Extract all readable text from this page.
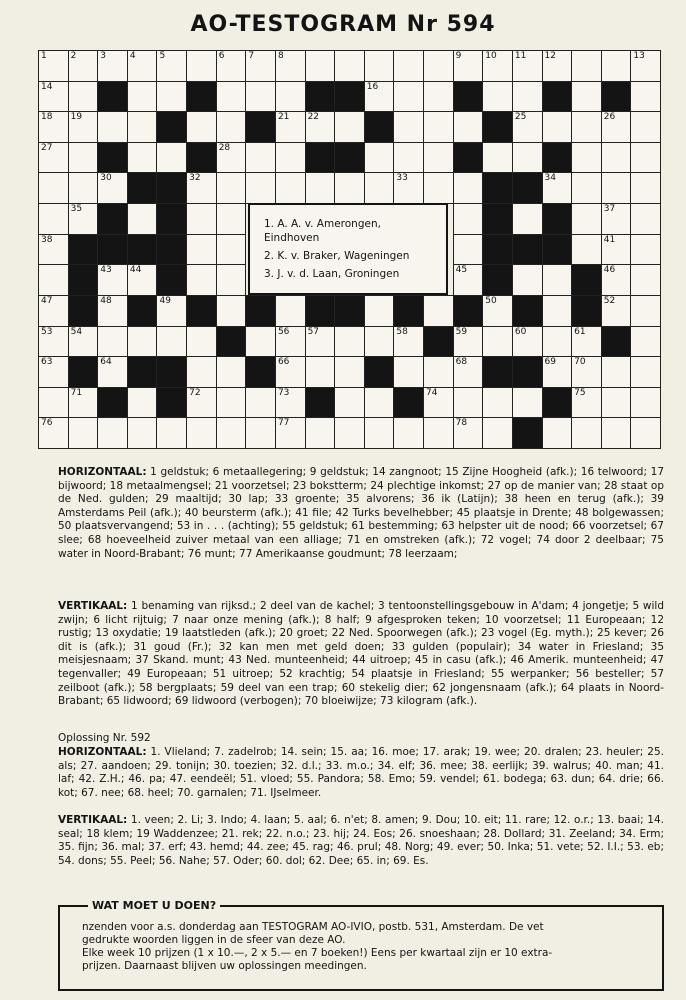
AO-TESTOGRAM Nr 594
1	2	3	4	5	6	7	8	9	10 11 12	13
14	16
18 19	21 22	25	26
27	28
30	32	33	34
35	37
38	41
43 44	45	46
47	48	49	50	52
53 54	56 57	58	59	60	61
63	64	66	68	69 70
71	72	73	74	75
76	77	78

1. A. A. v. Amerongen, Eindhoven

2. K. v. Braker, Wageningen

3. J. v. d. Laan, Groningen

HORIZONTAAL: 1 geldstuk; 6 metaallegering; 9 geldstuk; 14 zangnoot; 15 Zijne Hoogheid (afk.); 16 telwoord; 17 bijwoord; 18 metaalmengsel; 21 voorzetsel; 23 bokstterm; 24 plechtige inkomst; 27 op de manier van; 28 staat op de Ned. gulden; 29 maaltijd; 30 lap; 33 groente; 35 alvorens; 36 ik (Latijn); 38 heen en terug (afk.); 39 Amsterdams Peil (afk.); 40 beursterm (afk.); 41 file; 42 Turks bevelhebber; 45 plaatsje in Drente; 48 bolgewassen; 50 plaatsvervangend; 53 in . . . (achting); 55 geldstuk; 61 bestemming; 63 helpster uit de nood; 66 voorzetsel; 67 slee; 68 hoeveelheid zuiver metaal van een alliage; 71 en omstreken (afk.); 72 vogel; 74 door 2 deelbaar; 75 water in Noord-Brabant; 76 munt; 77 Amerikaanse goudmunt; 78 leerzaam;
VERTIKAAL: 1 benaming van rijksd.; 2 deel van de kachel; 3 tentoonstellingsgebouw in A'dam; 4 jongetje; 5 wild zwijn; 6 licht rijtuig; 7 naar onze mening (afk.); 8 half; 9 afgesproken teken; 10 voorzetsel; 11 Europeaan; 12 rustig; 13 oxydatie; 19 laatstleden (afk.); 20 groet; 22 Ned. Spoorwegen (afk.); 23 vogel (Eg. myth.); 25 kever; 26 dit is (afk.); 31 goud (Fr.); 32 kan men met geld doen; 33 gulden (populair); 34 water in Friesland; 35 meisjesnaam; 37 Skand. munt; 43 Ned. munteenheid; 44 uitroep; 45 in casu (afk.); 46 Amerik. munteenheid; 47 tegenvaller; 49 Europeaan; 51 uitroep; 52 krachtig; 54 plaatsje in Friesland; 55 werpanker; 56 besteller; 57 zeilboot (afk.); 58 bergplaats; 59 deel van een trap; 60 stekelig dier; 62 jongensnaam (afk.); 64 plaats in Noord-Brabant; 65 lidwoord; 69 lidwoord (verbogen); 70 bloeiwijze; 73 kilogram (afk.).
Oplossing Nr. 592
HORIZONTAAL: 1. Vlieland; 7. zadelrob; 14. sein; 15. aa; 16. moe; 17. arak; 19. wee; 20. dralen; 23. heuler; 25. als; 27. aandoen; 29. tonijn; 30. toezien; 32. d.l.; 33. m.o.; 34. elf; 36. mee; 38. eerlijk; 39. walrus; 40. man; 41. laf; 42. Z.H.; 46. pa; 47. eendeël; 51. vloed; 55. Pandora; 58. Emo; 59. vendel; 61. bodega; 63. dun; 64. drie; 66. kot; 67. nee; 68. heel; 70. garnalen; 71. IJselmeer.
VERTIKAAL: 1. veen; 2. Li; 3. Indo; 4. laan; 5. aal; 6. n'et; 8. amen; 9. Dou; 10. eit; 11. rare; 12. o.r.; 13. baai; 14. seal; 18 klem; 19 Waddenzee; 21. rek; 22. n.o.; 23. hij; 24. Eos; 26. snoeshaan; 28. Dollard; 31. Zeeland; 34. Erm; 35. fijn; 36. mal; 37. erf; 43. hemd; 44. zee; 45. rag; 46. prul; 48. Norg; 49. ever; 50. Inka; 51. vete; 52. I.I.; 53. eb; 54. dons; 55. Peel; 56. Nahe; 57. Oder; 60. dol; 62. Dee; 65. in; 69. Es.
WAT MOET U DOEN?
nzenden voor a.s. donderdag aan TESTOGRAM AO-IVIO, postb. 531, Amsterdam. De vet
gedrukte woorden liggen in de sfeer van deze AO.
Elke week 10 prijzen (1 x 10.—, 2 x 5.— en 7 boeken!) Eens per kwartaal zijn er 10 extra-
prijzen. Daarnaast blijven uw oplossingen meedingen.
